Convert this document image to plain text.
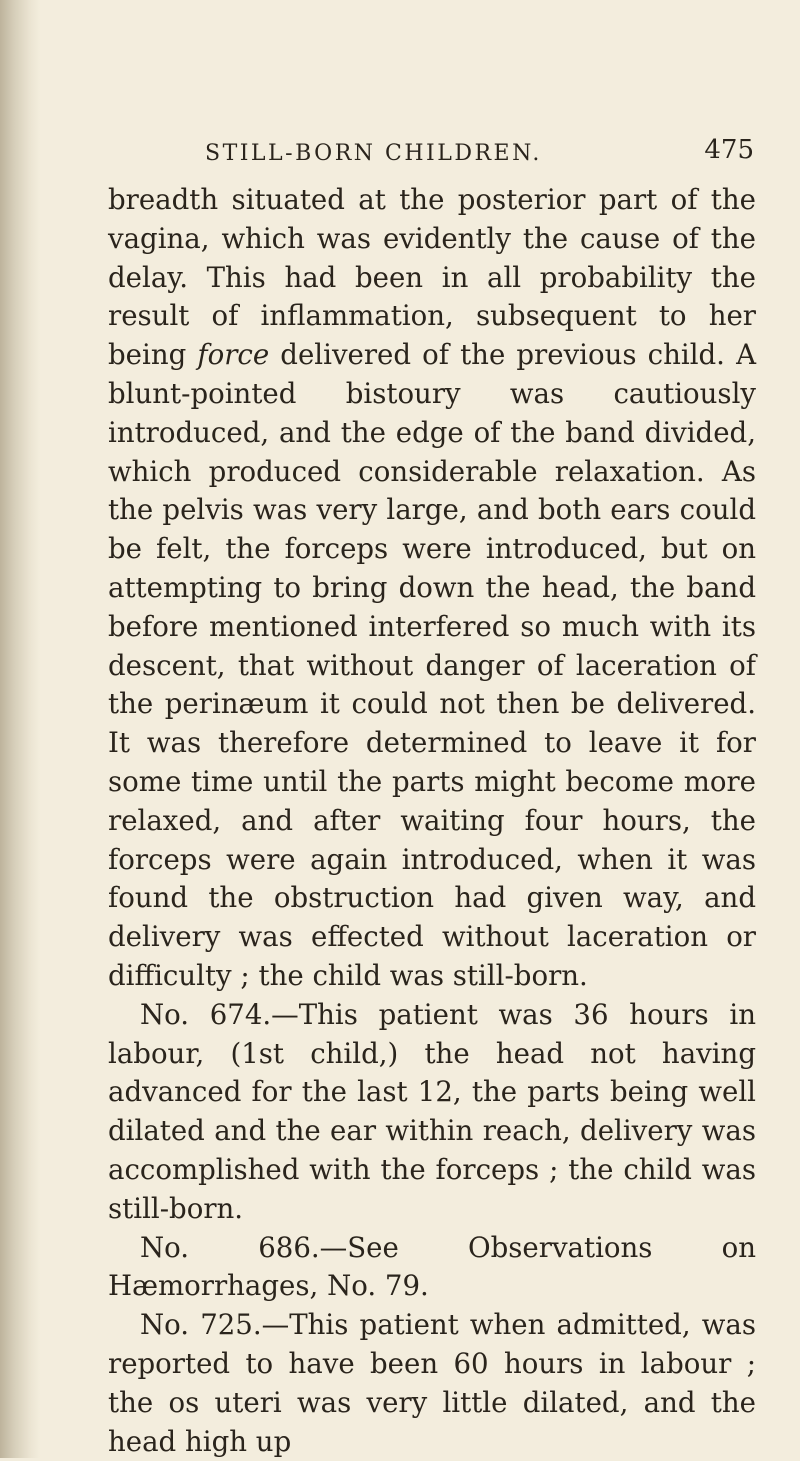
STILL-BORN CHILDREN.	475

breadth situated at the posterior part of the vagina, which was evidently the cause of the delay. This had been in all probability the result of inflammation, subsequent to her being force delivered of the previous child. A blunt-pointed bistoury was cautiously introduced, and the edge of the band divided, which produced considerable relaxation. As the pelvis was very large, and both ears could be felt, the forceps were introduced, but on attempting to bring down the head, the band before mentioned interfered so much with its descent, that without danger of laceration of the perinæum it could not then be delivered. It was therefore determined to leave it for some time until the parts might become more relaxed, and after waiting four hours, the forceps were again introduced, when it was found the obstruction had given way, and delivery was effected without laceration or difficulty ; the child was still-born.

No. 674.—This patient was 36 hours in labour, (1st child,) the head not having advanced for the last 12, the parts being well dilated and the ear within reach, delivery was accomplished with the forceps ; the child was still-born.

No. 686.—See Observations on Hæmorrhages, No. 79.

No. 725.—This patient when admitted, was reported to have been 60 hours in labour ; the os uteri was very little dilated, and the head high up
